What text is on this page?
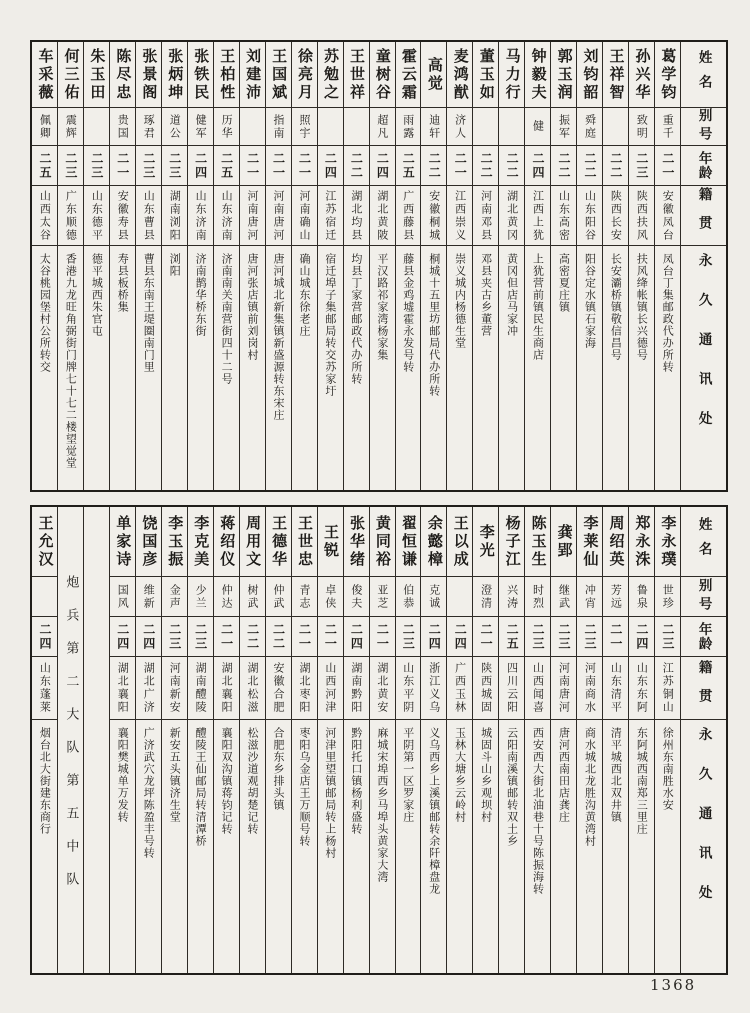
姓名
别号
年龄
籍贯
永久通讯处
葛学钧
重千
二一
安徽凤台
凤台丁集邮政代办所转
孙兴华
致明
二三
陕西扶风
扶风绛帐镇长兴德号
王祥智
二二
陕西长安
长安灞桥镇敬信昌号
刘钧韶
舜庭
二二
山东阳谷
阳谷定水镇石家海
郭玉润
振军
二二
山东高密
高密夏庄镇
钟毅夫
健
二四
江西上犹
上犹营前镇民生商店
马力行
二二
湖北黄冈
黄冈但店马家冲
董玉如
二二
河南邓县
邓县夹古乡董营
麦鸿猷
济人
二一
江西崇义
崇义城内杨德生堂
高觉
迪轩
二二
安徽桐城
桐城十五里坊邮局代办所转
霍云霜
雨露
二五
广西藤县
藤县金鸡墟霍永发号转
童树谷
超凡
二四
湖北黄陂
平汉路祁家湾杨家集
王世祥
二二
湖北均县
均县丁家营邮政代办所转
苏勉之
二四
江苏宿迁
宿迁埠子集邮局转交苏家圩
徐亮月
照宇
二一
河南确山
确山城东徐老庄
王国斌
指南
二一
河南唐河
唐河城北新集镇新盛源转东宋庄
刘建沛
二一
河南唐河
唐河张店镇前刘岗村
王柏性
历华
二五
山东济南
济南南关南营街四十二号
张铁民
健军
二四
山东济南
济南鹊华桥东街
张炳坤
道公
二三
湖南浏阳
浏阳
张景阁
琢君
二三
山东曹县
曹县东南王堤圈南门里
陈尽忠
贵国
二一
安徽寿县
寿县板桥集
朱玉田
二三
山东德平
德平城西朱官屯
何三佑
震辉
二三
广东顺德
香港九龙旺角弼街门牌七十七二楼望觉堂
车采薇
佩卿
二五
山西太谷
太谷桃园堡村公所转交
姓名
别号
年龄
籍贯
永久通讯处
李永璞
世珍
二三
江苏铜山
徐州东南胜水安
郑永洙
鲁泉
二四
山东东阿
东阿城西南郑三里庄
周绍英
芳远
二一
山东清平
清平城西北双井镇
李莱仙
冲宵
二三
河南商水
商水城北龙胜沟黄湾村
龚郢
继武
二三
河南唐河
唐河西南田店龚庄
陈玉生
时烈
二三
山西闻喜
西安西大街北油巷十号陈振海转
杨子江
兴涛
二五
四川云阳
云阳南溪镇邮转双土乡
李光
澄清
二一
陕西城固
城固斗山乡观坝村
王以成
二四
广西玉林
玉林大塘乡云岭村
余懿樟
克诚
二四
浙江义乌
义乌西乡上溪镇邮转余阡樟盘龙
翟恒谦
伯恭
二三
山东平阴
平阴第一区罗家庄
黄同裕
亚芝
二一
湖北黄安
麻城宋埠西乡马埠头黄家大湾
张华绪
俊夫
二四
湖南黔阳
黔阳托口镇杨利盛转
王锐
卓侠
二一
山西河津
河津里望镇邮局转上杨村
王世忠
青志
二一
湖北枣阳
枣阳乌金店王万顺号转
王德华
仲武
二二
安徽合肥
合肥东乡排头镇
周用文
树武
二二
湖北松滋
松滋沙道观胡楚记转
蒋绍仪
仲达
二一
湖北襄阳
襄阳双沟镇蒋钧记转
李克美
少兰
二三
湖南醴陵
醴陵王仙邮局转清潭桥
李玉振
金声
二三
河南新安
新安五头镇济生堂
饶国彦
维新
二四
湖北广济
广济武穴龙坪陈盈丰号转
单家诗
国风
二四
湖北襄阳
襄阳樊城单万发转
炮兵第二大队第五中队
王允汉
二四
山东蓬莱
烟台北大街建东商行
1368
